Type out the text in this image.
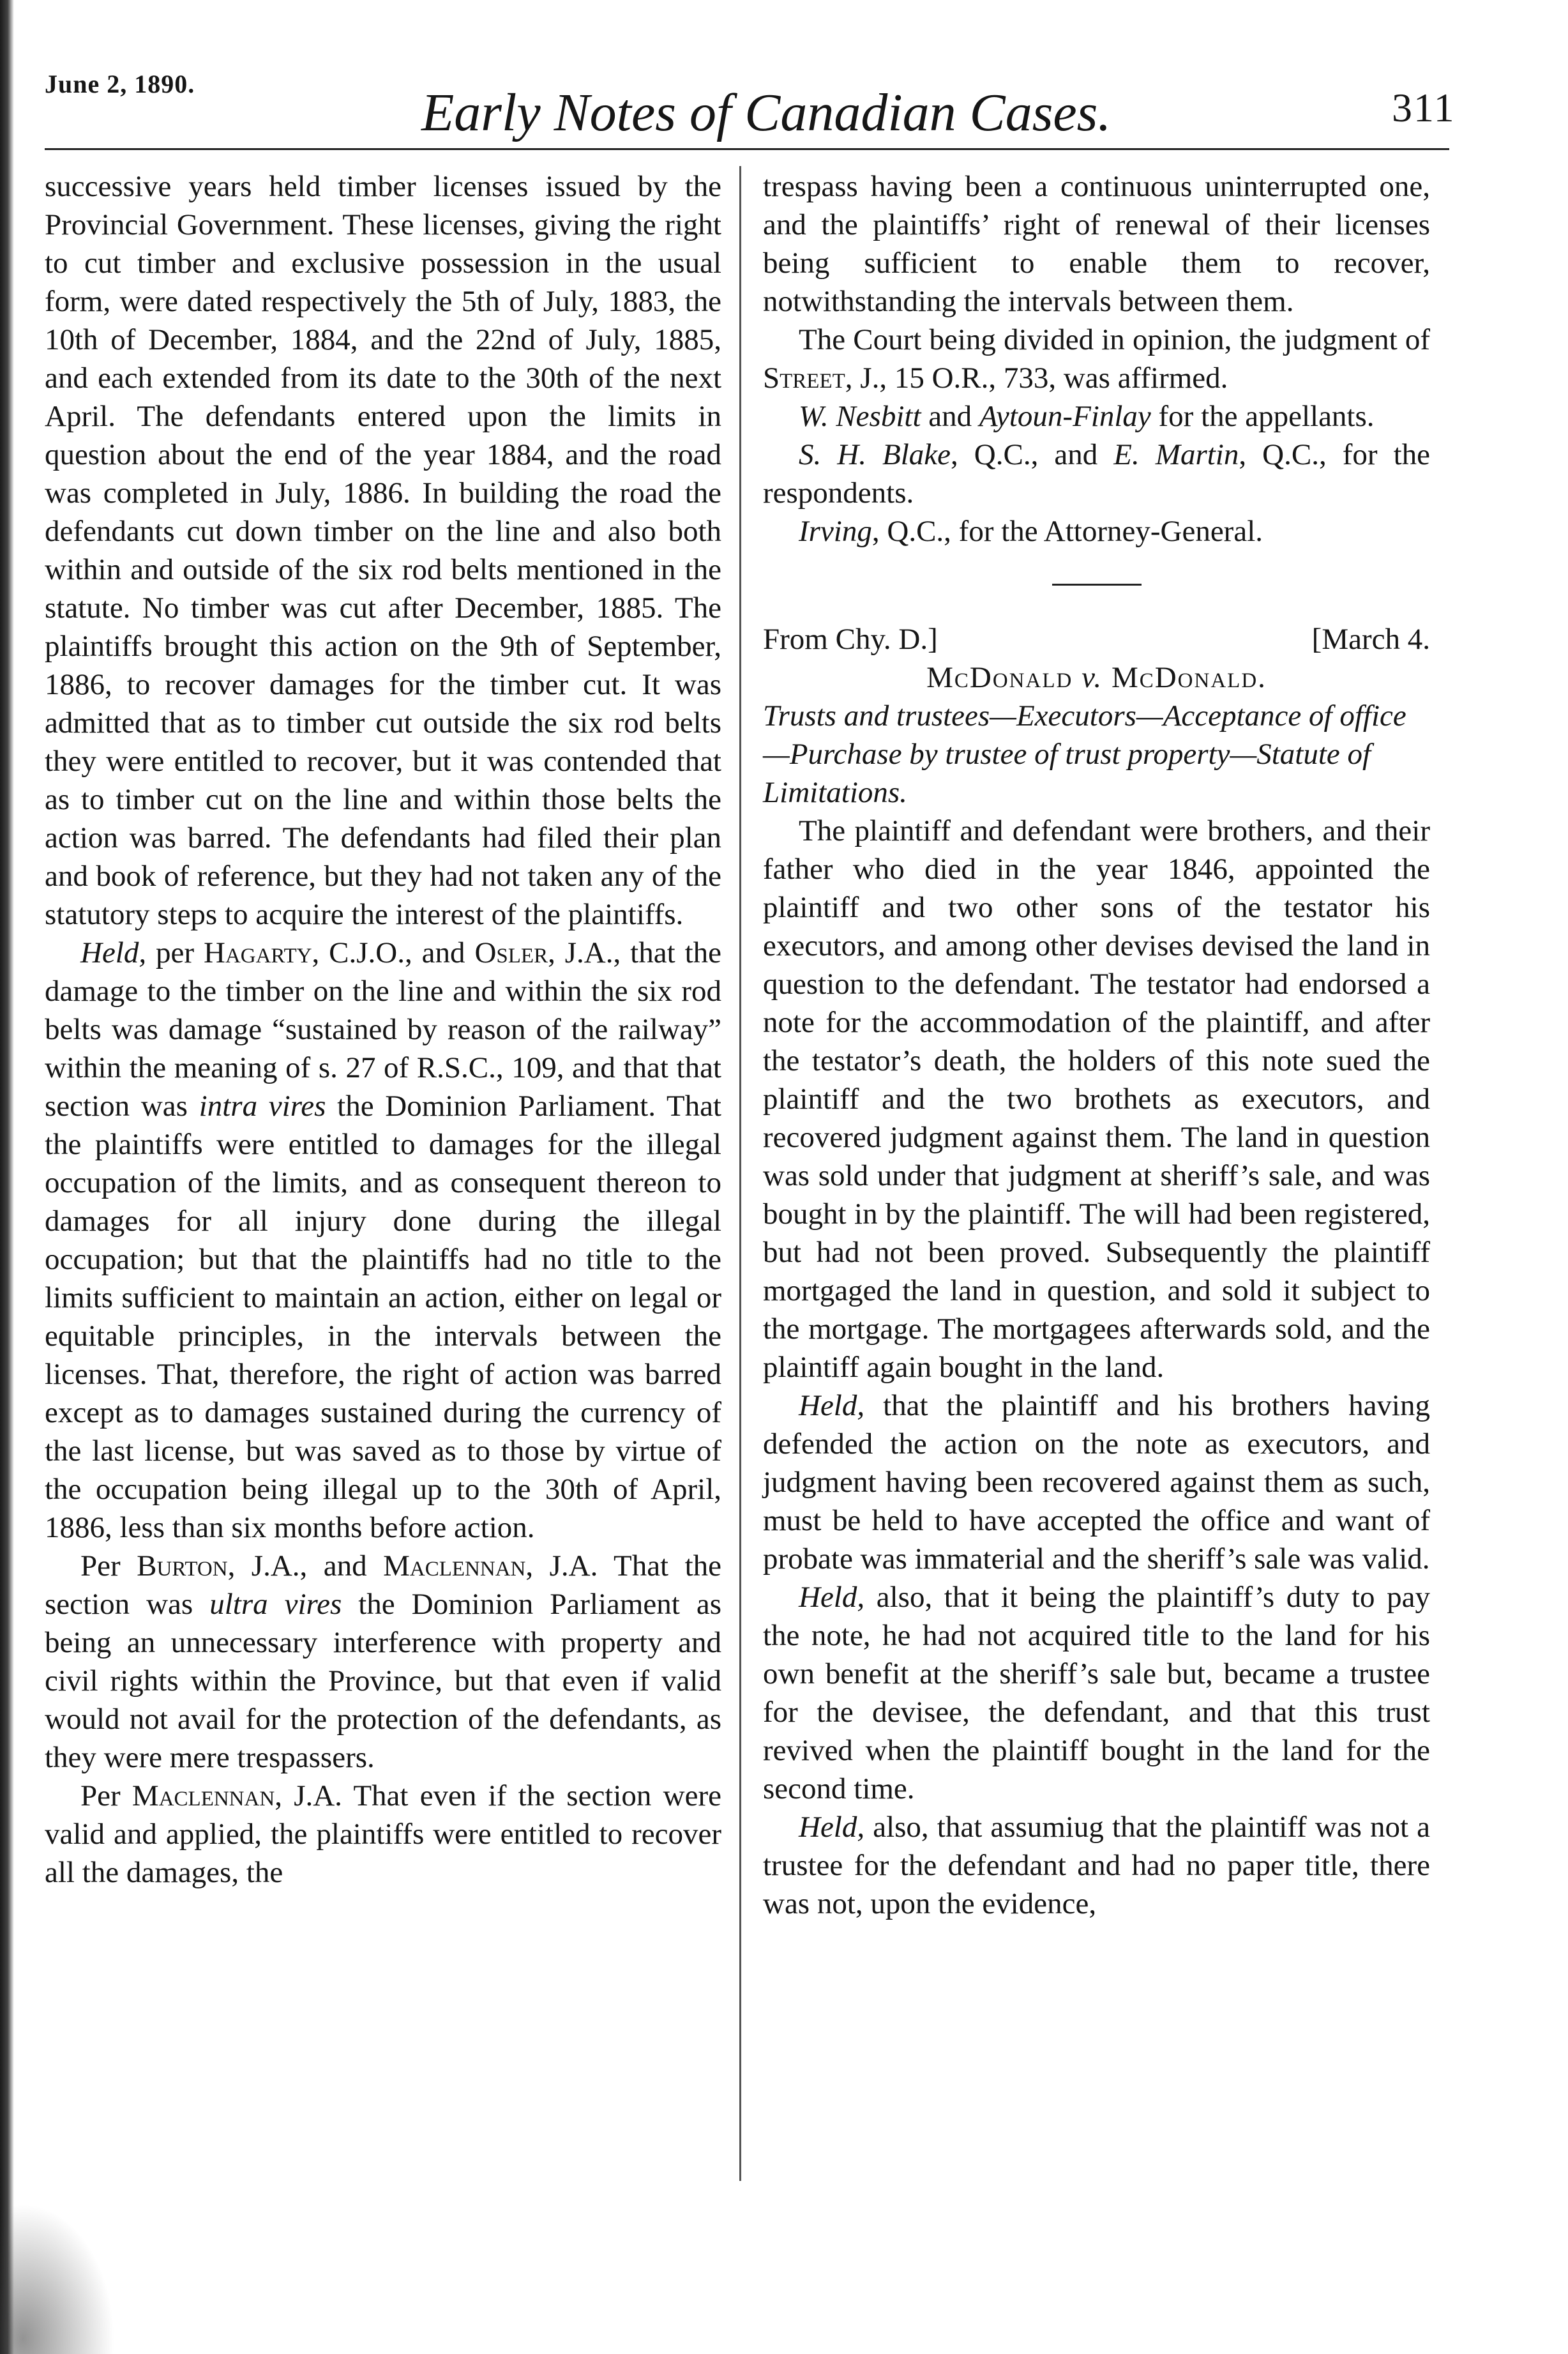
June 2, 1890.	Early Notes of Canadian Cases.	311

successive years held timber licenses issued by the Provincial Government. These licenses, giving the right to cut timber and exclusive possession in the usual form, were dated respectively the 5th of July, 1883, the 10th of December, 1884, and the 22nd of July, 1885, and each extended from its date to the 30th of the next April. The defendants entered upon the limits in question about the end of the year 1884, and the road was completed in July, 1886. In building the road the defendants cut down timber on the line and also both within and outside of the six rod belts mentioned in the statute. No timber was cut after December, 1885. The plaintiffs brought this action on the 9th of September, 1886, to recover damages for the timber cut. It was admitted that as to timber cut outside the six rod belts they were entitled to recover, but it was contended that as to timber cut on the line and within those belts the action was barred. The defendants had filed their plan and book of reference, but they had not taken any of the statutory steps to acquire the interest of the plaintiffs.

Held, per Hagarty, C.J.O., and Osler, J.A., that the damage to the timber on the line and within the six rod belts was damage “sustained by reason of the railway” within the meaning of s. 27 of R.S.C., 109, and that that section was intra vires the Dominion Parliament. That the plaintiffs were entitled to damages for the illegal occupation of the limits, and as consequent thereon to damages for all injury done during the illegal occupation; but that the plaintiffs had no title to the limits sufficient to maintain an action, either on legal or equitable principles, in the intervals between the licenses. That, therefore, the right of action was barred except as to damages sustained during the currency of the last license, but was saved as to those by virtue of the occupation being illegal up to the 30th of April, 1886, less than six months before action.

Per Burton, J.A., and Maclennan, J.A. That the section was ultra vires the Dominion Parliament as being an unnecessary interference with property and civil rights within the Province, but that even if valid would not avail for the protection of the defendants, as they were mere trespassers.

Per Maclennan, J.A. That even if the section were valid and applied, the plaintiffs were entitled to recover all the damages, the

trespass having been a continuous uninterrupted one, and the plaintiffs’ right of renewal of their licenses being sufficient to enable them to recover, notwithstanding the intervals between them.

The Court being divided in opinion, the judgment of Street, J., 15 O.R., 733, was affirmed.

W. Nesbitt and Aytoun-Finlay for the appellants.

S. H. Blake, Q.C., and E. Martin, Q.C., for the respondents.

Irving, Q.C., for the Attorney-General.

From Chy. D.]	[March 4.

McDonald v. McDonald.

Trusts and trustees—Executors—Acceptance of office—Purchase by trustee of trust property—Statute of Limitations.

The plaintiff and defendant were brothers, and their father who died in the year 1846, appointed the plaintiff and two other sons of the testator his executors, and among other devises devised the land in question to the defendant. The testator had endorsed a note for the accommodation of the plaintiff, and after the testator’s death, the holders of this note sued the plaintiff and the two brothets as executors, and recovered judgment against them. The land in question was sold under that judgment at sheriff’s sale, and was bought in by the plaintiff. The will had been registered, but had not been proved. Subsequently the plaintiff mortgaged the land in question, and sold it subject to the mortgage. The mortgagees afterwards sold, and the plaintiff again bought in the land.

Held, that the plaintiff and his brothers having defended the action on the note as executors, and judgment having been recovered against them as such, must be held to have accepted the office and want of probate was immaterial and the sheriff’s sale was valid.

Held, also, that it being the plaintiff’s duty to pay the note, he had not acquired title to the land for his own benefit at the sheriff’s sale but, became a trustee for the devisee, the defendant, and that this trust revived when the plaintiff bought in the land for the second time.

Held, also, that assumiug that the plaintiff was not a trustee for the defendant and had no paper title, there was not, upon the evidence,
